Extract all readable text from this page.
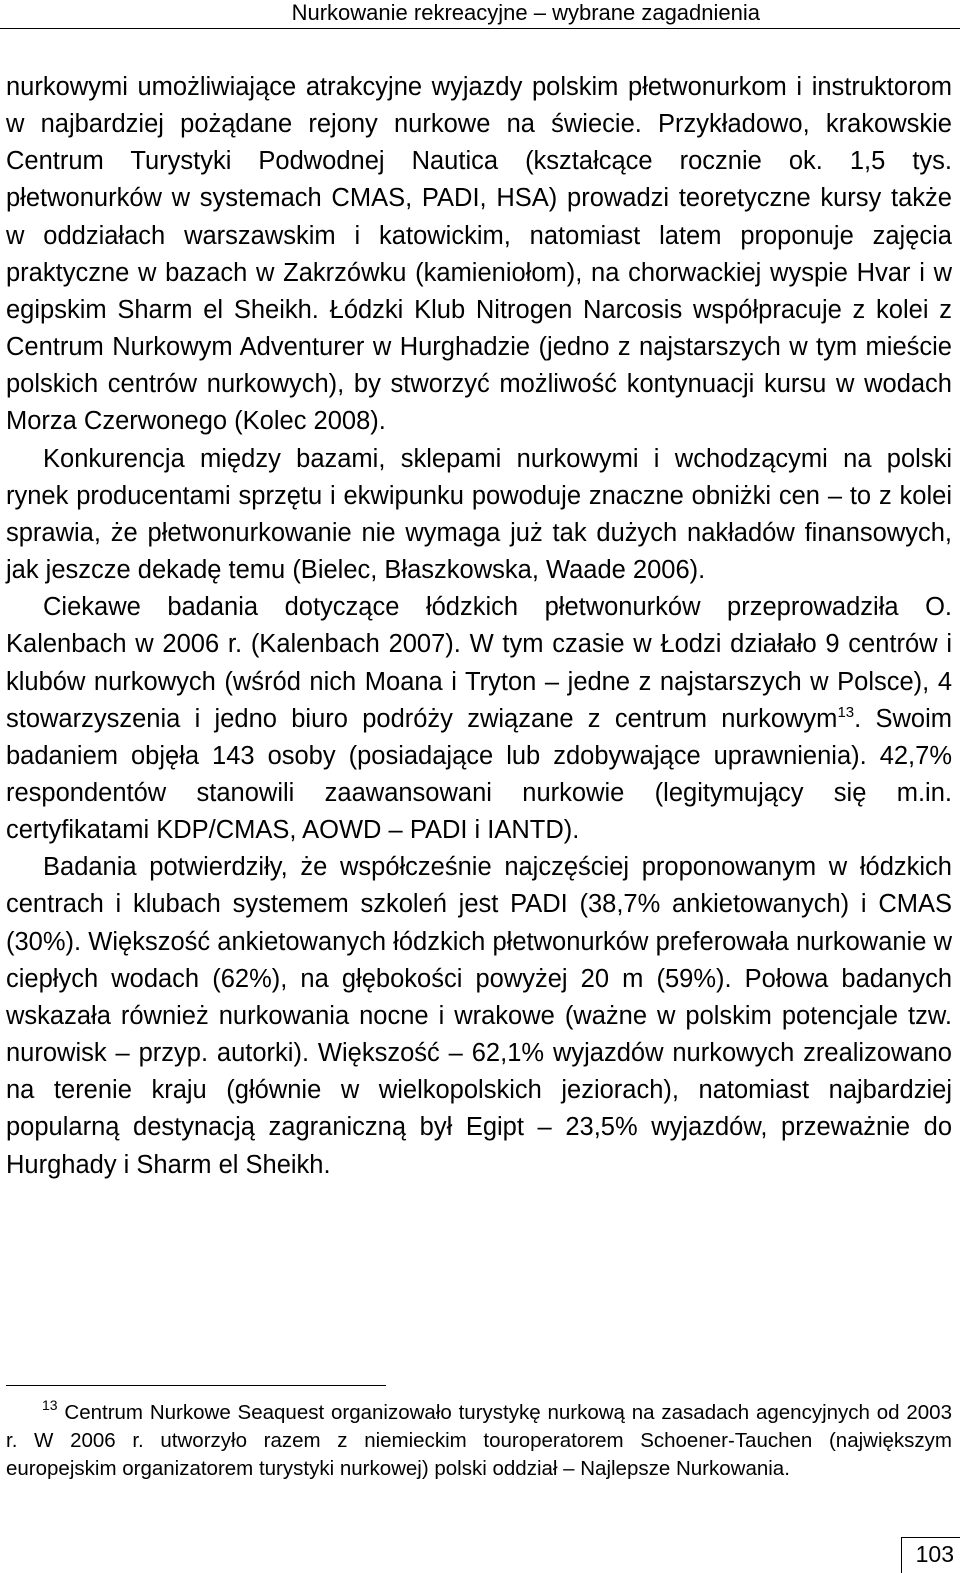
Nurkowanie rekreacyjne – wybrane zagadnienia

nurkowymi umożliwiające atrakcyjne wyjazdy polskim płetwonurkom i instruktorom w najbardziej pożądane rejony nurkowe na świecie. Przykładowo, krakowskie Centrum Turystyki Podwodnej Nautica (kształcące rocznie ok. 1,5 tys. płetwonurków w systemach CMAS, PADI, HSA) prowadzi teoretyczne kursy także w oddziałach warszawskim i katowickim, natomiast latem proponuje zajęcia praktyczne w bazach w Zakrzówku (kamieniołom), na chorwackiej wyspie Hvar i w egipskim Sharm el Sheikh. Łódzki Klub Nitrogen Narcosis współpracuje z kolei z Centrum Nurkowym Adventurer w Hurghadzie (jedno z najstarszych w tym mieście polskich centrów nurkowych), by stworzyć możliwość kontynuacji kursu w wodach Morza Czerwonego (Kolec 2008).

Konkurencja między bazami, sklepami nurkowymi i wchodzącymi na polski rynek producentami sprzętu i ekwipunku powoduje znaczne obniżki cen – to z kolei sprawia, że płetwonurkowanie nie wymaga już tak dużych nakładów finansowych, jak jeszcze dekadę temu (Bielec, Błaszkowska, Waade 2006).

Ciekawe badania dotyczące łódzkich płetwonurków przeprowadziła O. Kalenbach w 2006 r. (Kalenbach 2007). W tym czasie w Łodzi działało 9 centrów i klubów nurkowych (wśród nich Moana i Tryton – jedne z najstarszych w Polsce), 4 stowarzyszenia i jedno biuro podróży związane z centrum nurkowym$^{13}$. Swoim badaniem objęła 143 osoby (posiadające lub zdobywające uprawnienia). 42,7% respondentów stanowili zaawansowani nurkowie (legitymujący się m.in. certyfikatami KDP/CMAS, AOWD – PADI i IANTD).

Badania potwierdziły, że współcześnie najczęściej proponowanym w łódzkich centrach i klubach systemem szkoleń jest PADI (38,7% ankietowanych) i CMAS (30%). Większość ankietowanych łódzkich płetwonurków preferowała nurkowanie w ciepłych wodach (62%), na głębokości powyżej 20 m (59%). Połowa badanych wskazała również nurkowania nocne i wrakowe (ważne w polskim potencjale tzw. nurowisk – przyp. autorki). Większość – 62,1% wyjazdów nurkowych zrealizowano na terenie kraju (głównie w wielkopolskich jeziorach), natomiast najbardziej popularną destynacją zagraniczną był Egipt – 23,5% wyjazdów, przeważnie do Hurghady i Sharm el Sheikh.

$^{13}$ Centrum Nurkowe Seaquest organizowało turystykę nurkową na zasadach agencyjnych od 2003 r. W 2006 r. utworzyło razem z niemieckim touroperatorem Schoener-Tauchen (największym europejskim organizatorem turystyki nurkowej) polski oddział – Najlepsze Nurkowania.

103
